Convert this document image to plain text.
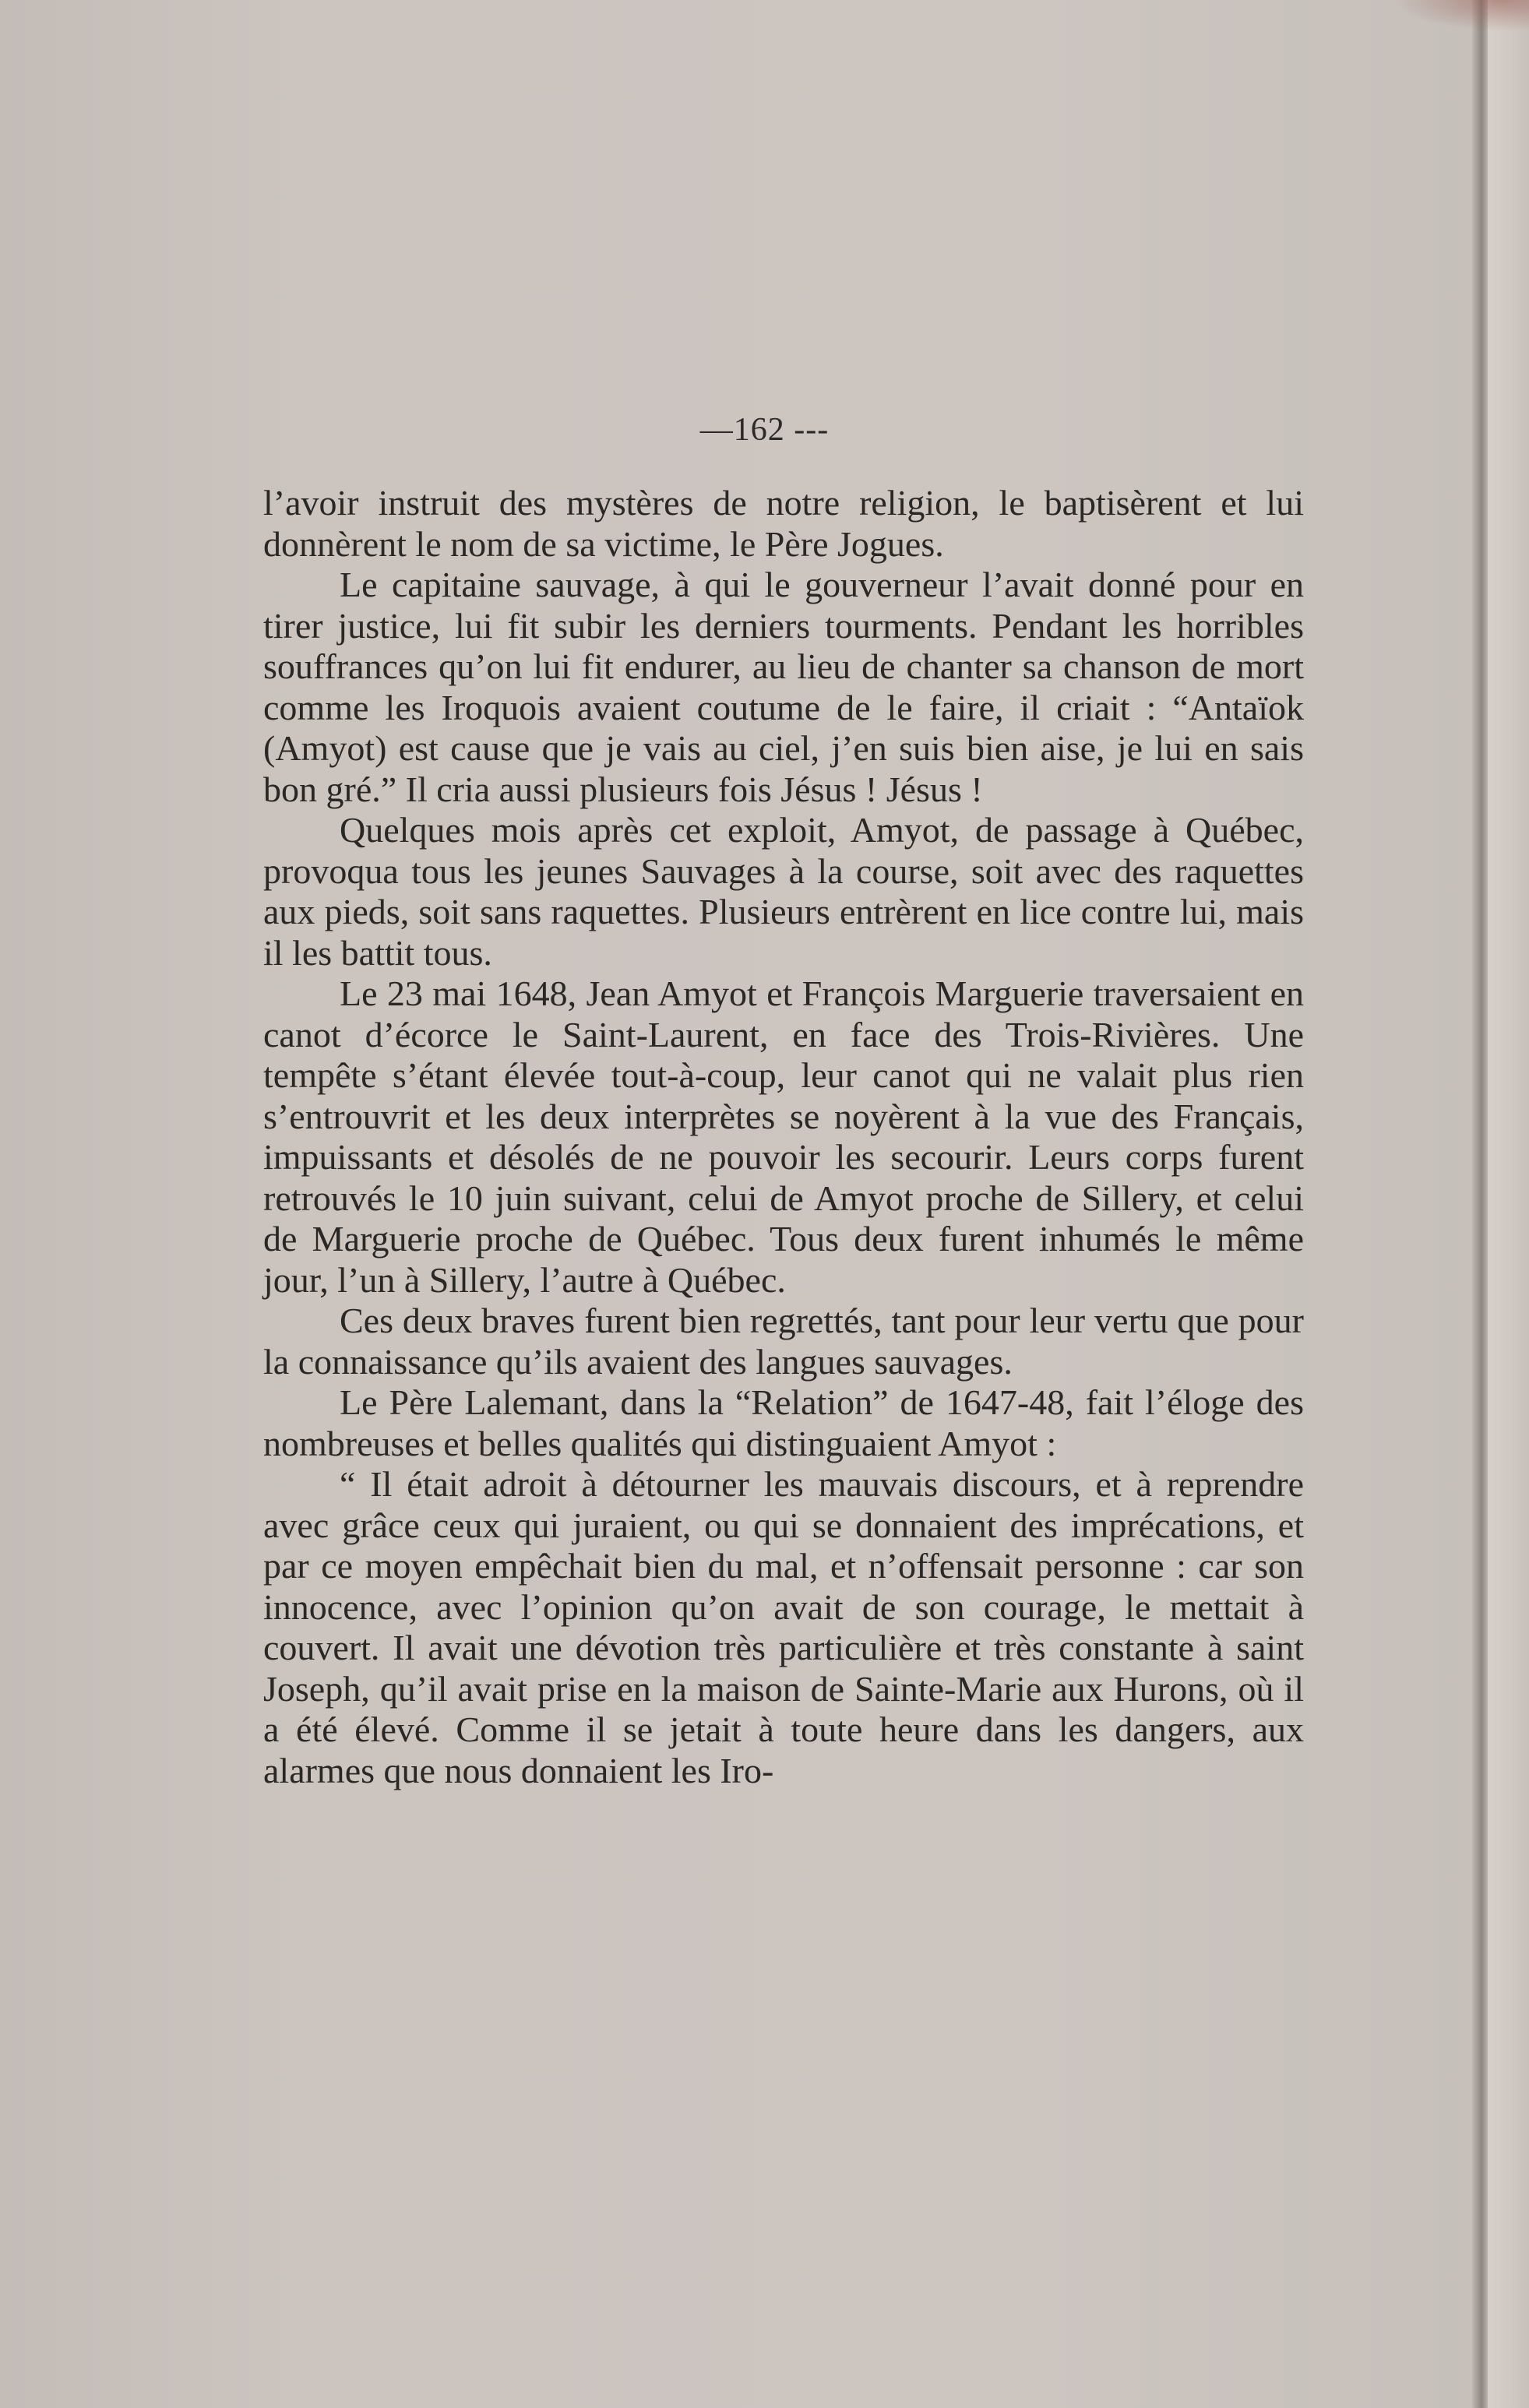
—162 ---

l’avoir instruit des mystères de notre religion, le baptisèrent et lui donnèrent le nom de sa victime, le Père Jogues.

Le capitaine sauvage, à qui le gouverneur l’avait donné pour en tirer justice, lui fit subir les derniers tourments. Pendant les horribles souffrances qu’on lui fit endurer, au lieu de chanter sa chanson de mort comme les Iroquois avaient coutume de le faire, il criait : “Antaïok (Amyot) est cause que je vais au ciel, j’en suis bien aise, je lui en sais bon gré.” Il cria aussi plusieurs fois Jésus ! Jésus !

Quelques mois après cet exploit, Amyot, de passage à Québec, provoqua tous les jeunes Sauvages à la course, soit avec des raquettes aux pieds, soit sans raquettes. Plusieurs entrèrent en lice contre lui, mais il les battit tous.

Le 23 mai 1648, Jean Amyot et François Marguerie traversaient en canot d’écorce le Saint-Laurent, en face des Trois-Rivières. Une tempête s’étant élevée tout-à-coup, leur canot qui ne valait plus rien s’entrouvrit et les deux interprètes se noyèrent à la vue des Français, impuissants et désolés de ne pouvoir les secourir. Leurs corps furent retrouvés le 10 juin suivant, celui de Amyot proche de Sillery, et celui de Marguerie proche de Québec. Tous deux furent inhumés le même jour, l’un à Sillery, l’autre à Québec.

Ces deux braves furent bien regrettés, tant pour leur vertu que pour la connaissance qu’ils avaient des langues sauvages.

Le Père Lalemant, dans la “Relation” de 1647-48, fait l’éloge des nombreuses et belles qualités qui distinguaient Amyot :

“ Il était adroit à détourner les mauvais discours, et à reprendre avec grâce ceux qui juraient, ou qui se donnaient des imprécations, et par ce moyen empêchait bien du mal, et n’offensait personne : car son innocence, avec l’opinion qu’on avait de son courage, le mettait à couvert. Il avait une dévotion très particulière et très constante à saint Joseph, qu’il avait prise en la maison de Sainte-Marie aux Hurons, où il a été élevé. Comme il se jetait à toute heure dans les dangers, aux alarmes que nous donnaient les Iro-
